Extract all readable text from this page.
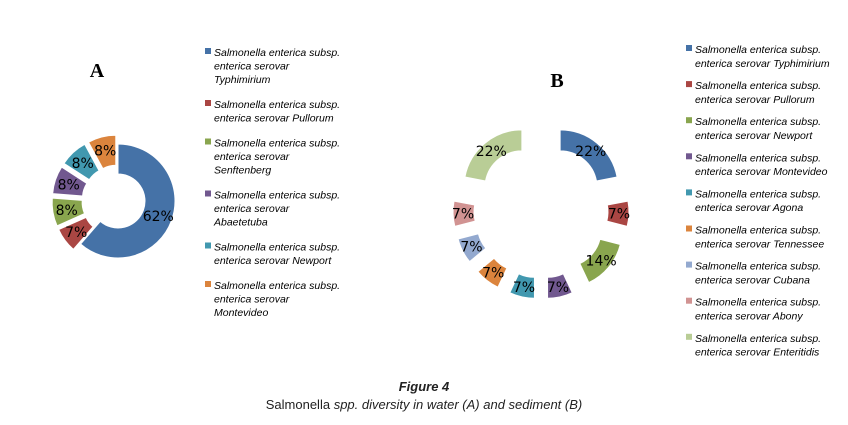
A
62%
7%
8%
8%
8%
8%
Salmonella enterica subsp.
enterica serovar
Typhimirium
Salmonella enterica subsp.
enterica serovar Pullorum
Salmonella enterica subsp.
enterica serovar
Senftenberg
Salmonella enterica subsp.
enterica serovar
Abaetetuba
Salmonella enterica subsp.
enterica serovar Newport
Salmonella enterica subsp.
enterica serovar
Montevideo
B
22%
7%
14%
7%
7%
7%
7%
7%
22%
Salmonella enterica subsp.
enterica serovar Typhimirium
Salmonella enterica subsp.
enterica serovar Pullorum
Salmonella enterica subsp.
enterica serovar Newport
Salmonella enterica subsp.
enterica serovar Montevideo
Salmonella enterica subsp.
enterica serovar Agona
Salmonella enterica subsp.
enterica serovar Tennessee
Salmonella enterica subsp.
enterica serovar Cubana
Salmonella enterica subsp.
enterica serovar Abony
Salmonella enterica subsp.
enterica serovar Enteritidis
Figure 4
Salmonella spp. diversity in water (A) and sediment (B)
